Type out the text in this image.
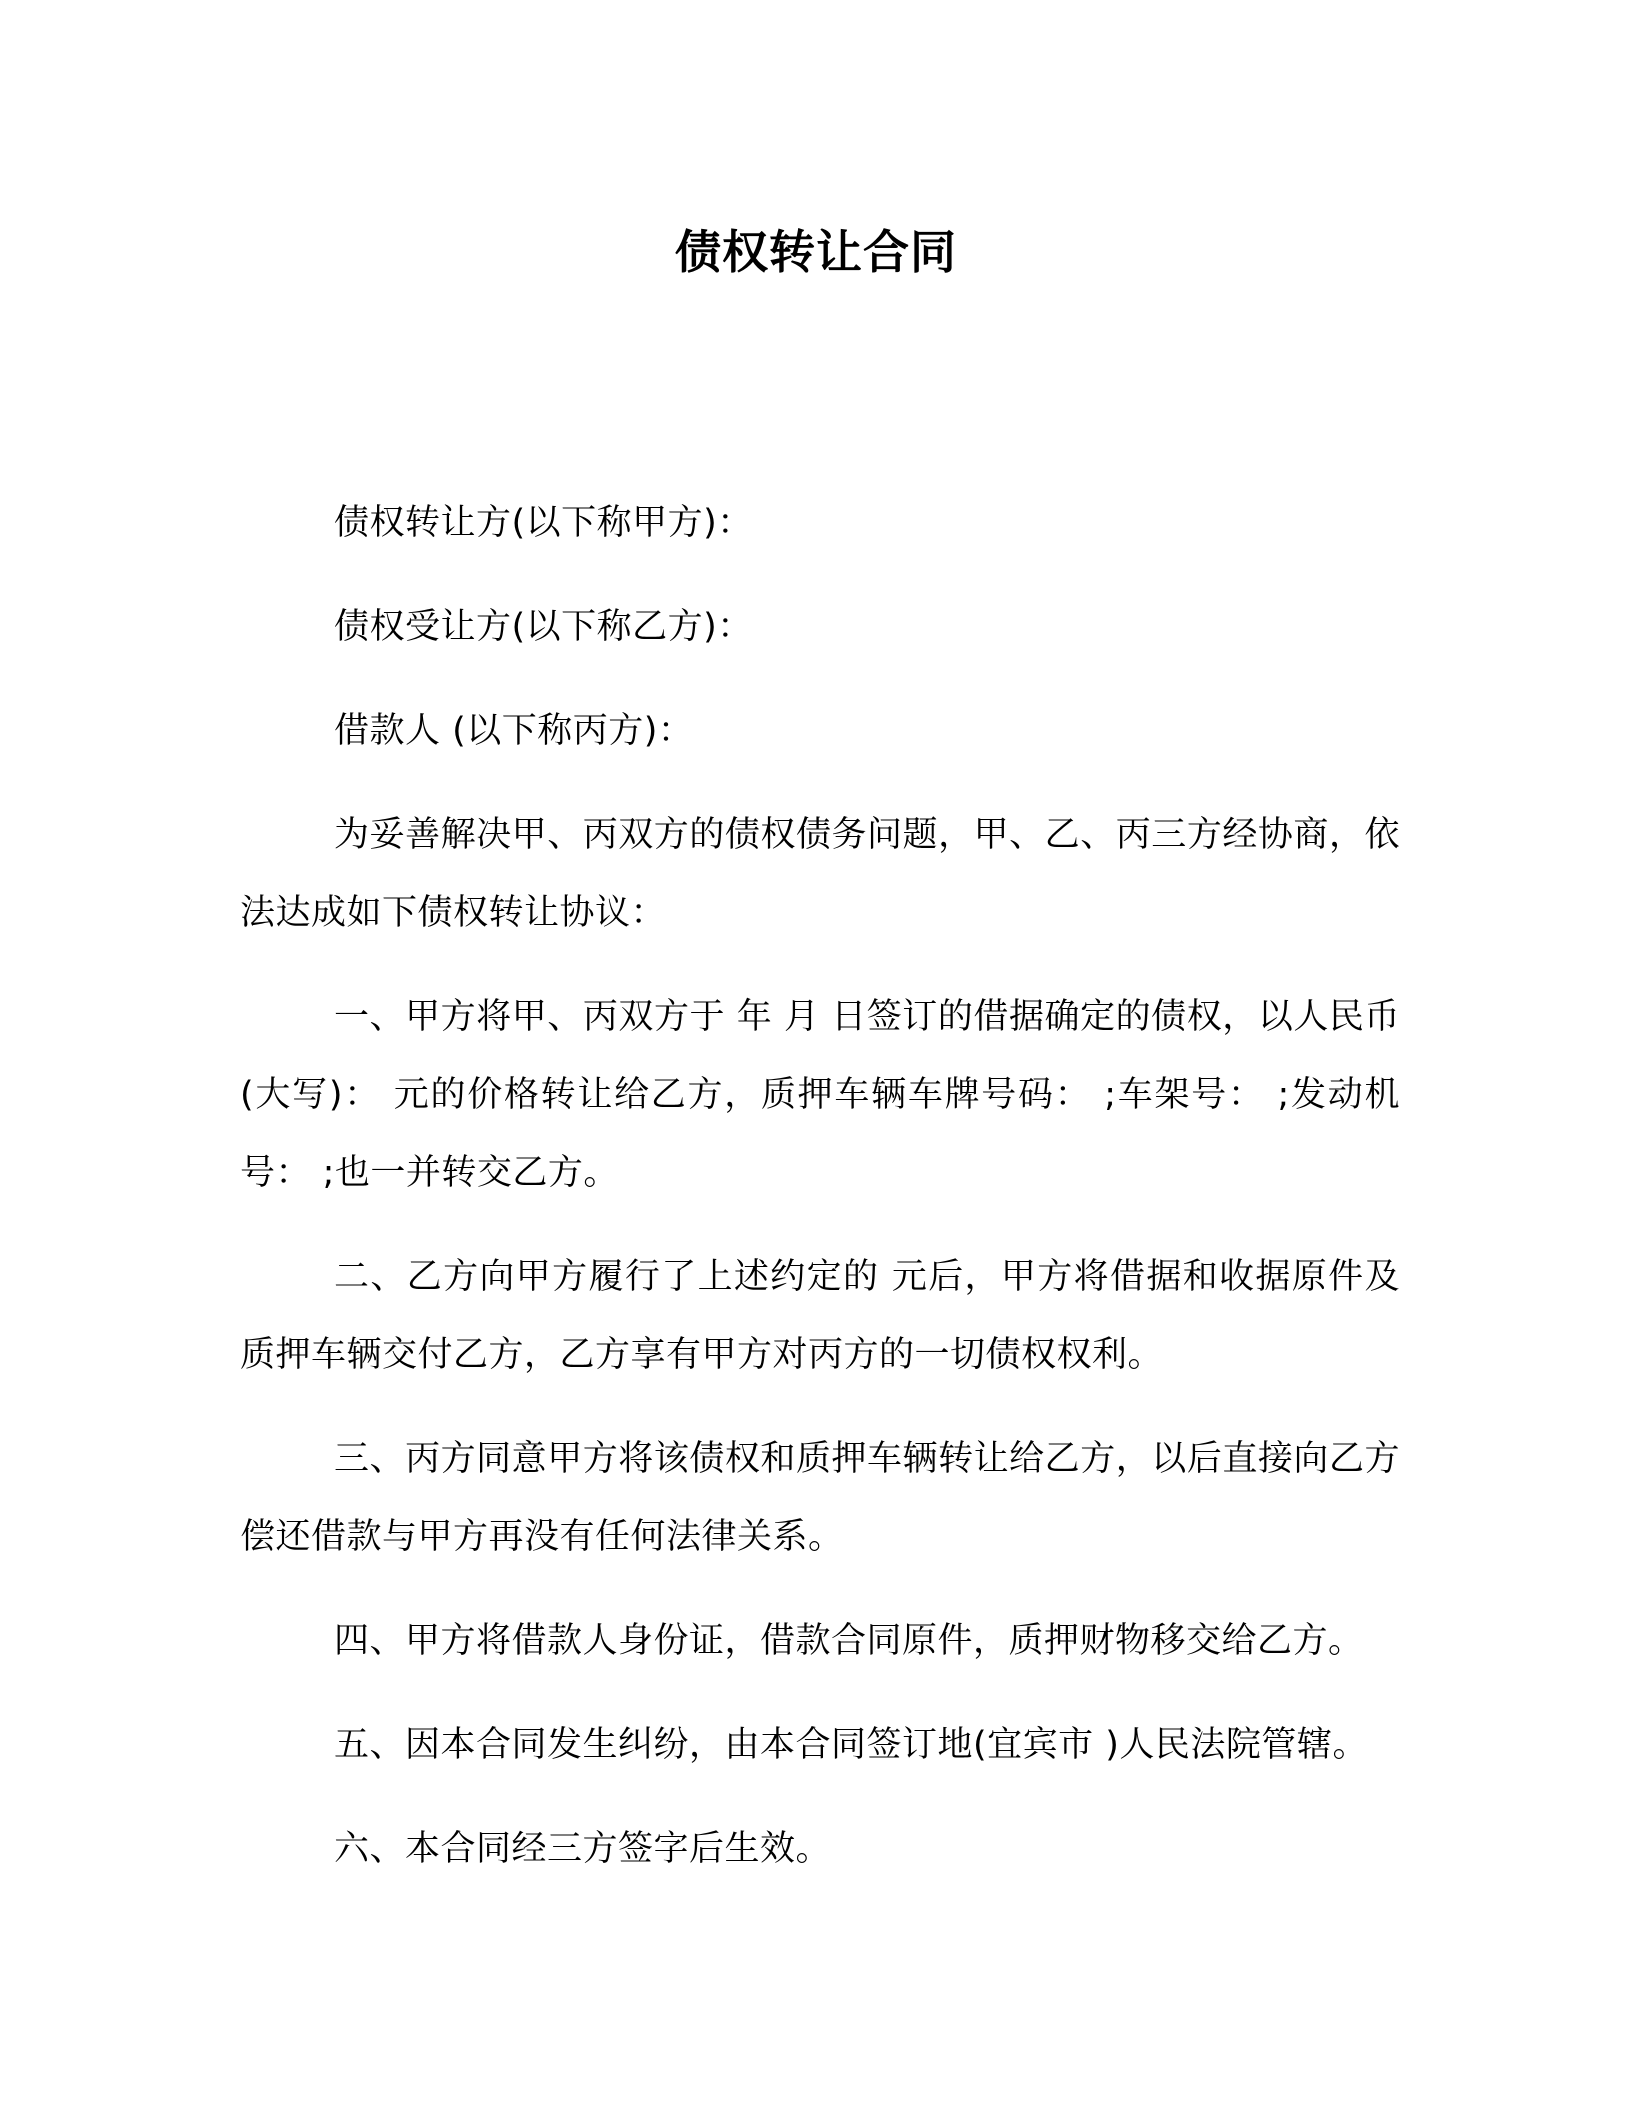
债权转让合同

债权转让方(以下称甲方)：

债权受让方(以下称乙方)：

借款人 (以下称丙方)：

为妥善解决甲、丙双方的债权债务问题，甲、乙、丙三方经协商，依法达成如下债权转让协议：

一、甲方将甲、丙双方于 年 月 日签订的借据确定的债权，以人民币(大写)： 元的价格转让给乙方，质押车辆车牌号码： ;车架号： ;发动机号： ;也一并转交乙方。

二、乙方向甲方履行了上述约定的 元后，甲方将借据和收据原件及质押车辆交付乙方，乙方享有甲方对丙方的一切债权权利。

三、丙方同意甲方将该债权和质押车辆转让给乙方，以后直接向乙方偿还借款与甲方再没有任何法律关系。

四、甲方将借款人身份证，借款合同原件，质押财物移交给乙方。

五、因本合同发生纠纷，由本合同签订地(宜宾市 )人民法院管辖。

六、本合同经三方签字后生效。
